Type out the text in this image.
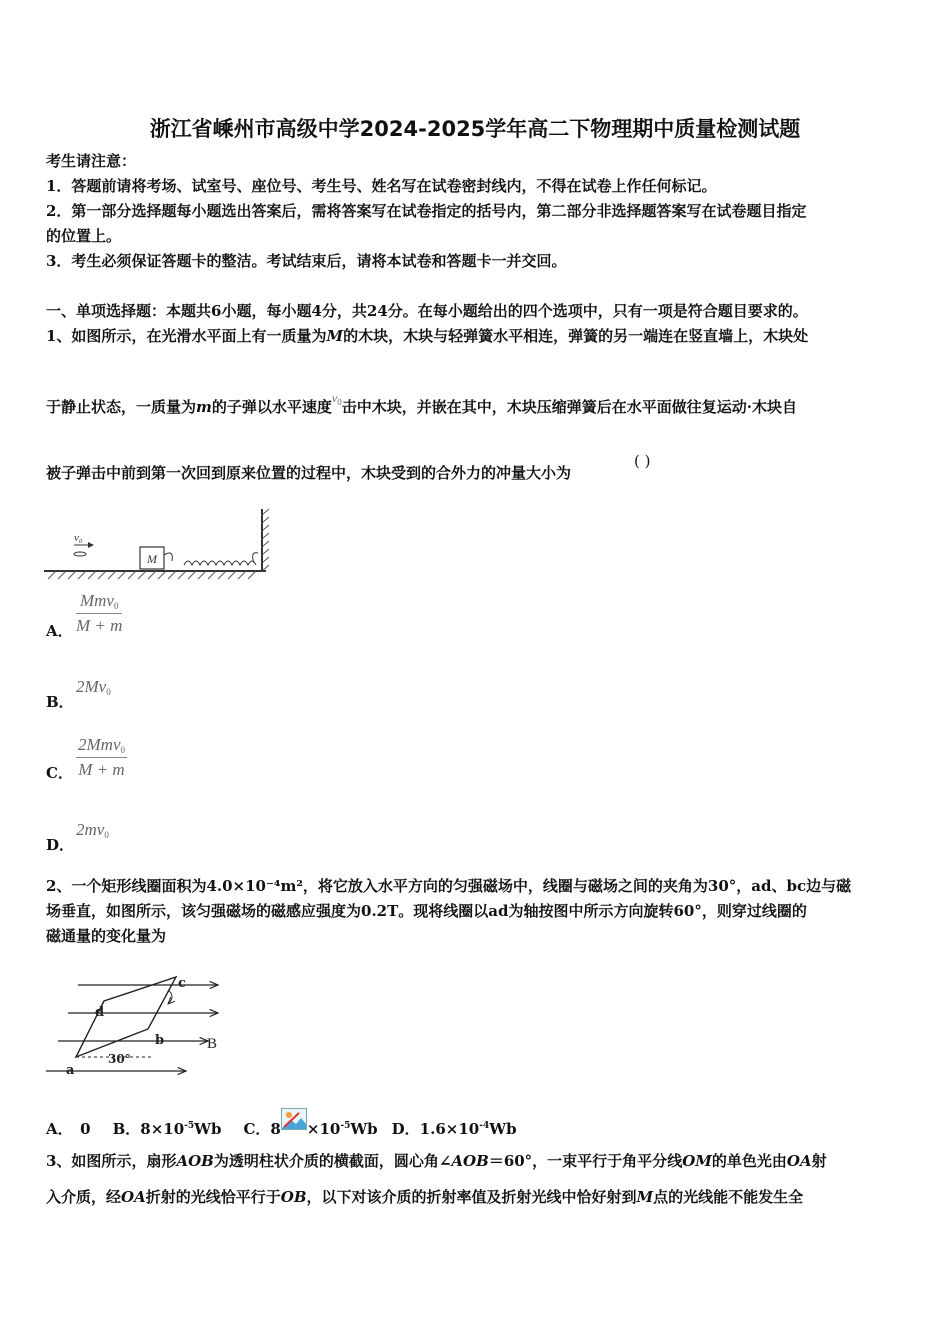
浙江省嵊州市高级中学2024-2025学年高二下物理期中质量检测试题
考生请注意：
1．答题前请将考场、试室号、座位号、考生号、姓名写在试卷密封线内，不得在试卷上作任何标记。
2．第一部分选择题每小题选出答案后，需将答案写在试卷指定的括号内，第二部分非选择题答案写在试卷题目指定
的位置上。
3．考生必须保证答题卡的整洁。考试结束后，请将本试卷和答题卡一并交回。
一、单项选择题：本题共6小题，每小题4分，共24分。在每小题给出的四个选项中，只有一项是符合题目要求的。
1、如图所示，在光滑水平面上有一质量为M的木块，木块与轻弹簧水平相连，弹簧的另一端连在竖直墙上，木块处
于静止状态，一质量为m的子弹以水平速度$^{v_0}$击中木块，并嵌在其中，木块压缩弹簧后在水平面做往复运动·木块自
被子弹击中前到第一次回到原来位置的过程中，木块受到的合外力的冲量大小为
( )
v₀
M
A． $\frac{Mmv_0}{M + m}$
B．
$2Mv_0$
C． $\frac{2Mmv_0}{M + m}$
D．
$2mv_0$
2、一个矩形线圈面积为4.0×10⁻⁴m²，将它放入水平方向的匀强磁场中，线圈与磁场之间的夹角为30°，ad、bc边与磁
场垂直，如图所示，该匀强磁场的磁感应强度为0.2T。现将线圈以ad为轴按图中所示方向旋转60°，则穿过线圈的
磁通量的变化量为
c
d
b
a
30°
B
A．　0 B．$8\times 10^{-5}Wb$ C．$8 \times 10^{-5}Wb$ D．$1.6\times 10^{-4}Wb$
3、如图所示，扇形AOB为透明柱状介质的横截面，圆心角∠AOB＝60°，一束平行于角平分线OM的单色光由OA射
入介质，经OA折射的光线恰平行于OB，以下对该介质的折射率值及折射光线中恰好射到M点的光线能不能发生全
